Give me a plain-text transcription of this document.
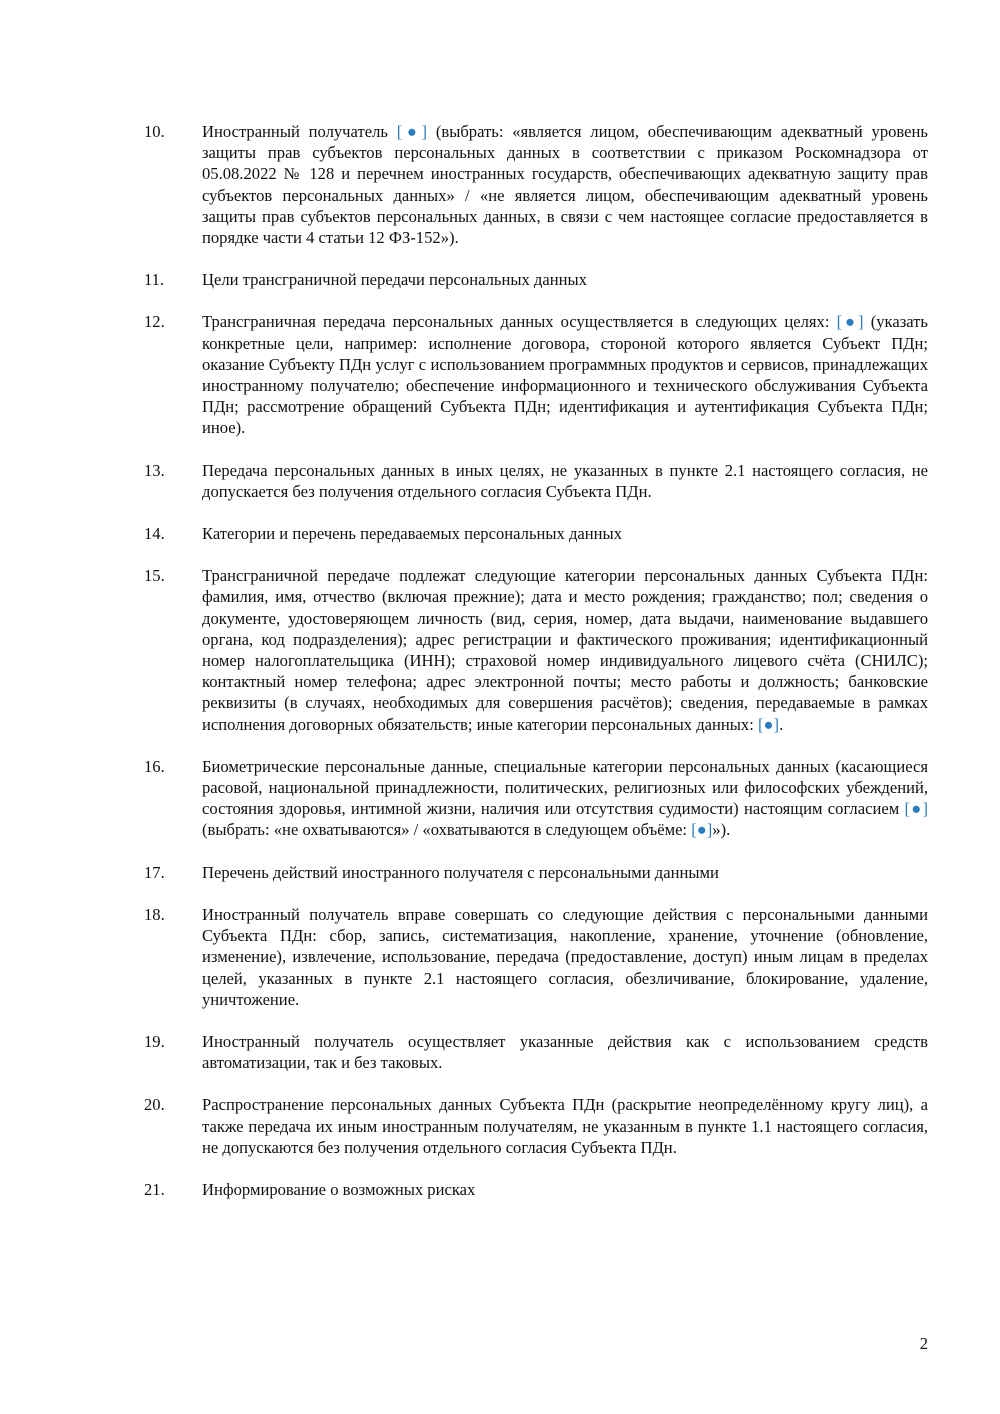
10.	Иностранный получатель [●] (выбрать: «является лицом, обеспечивающим адекватный уровень защиты прав субъектов персональных данных в соответствии с приказом Роскомнадзора от 05.08.2022 № 128 и перечнем иностранных государств, обеспечивающих адекватную защиту прав субъектов персональных данных» / «не является лицом, обеспечивающим адекватный уровень защиты прав субъектов персональных данных, в связи с чем настоящее согласие предоставляется в порядке части 4 статьи 12 ФЗ-152»).
11.	Цели трансграничной передачи персональных данных
12.	Трансграничная передача персональных данных осуществляется в следующих целях: [●] (указать конкретные цели, например: исполнение договора, стороной которого является Субъект ПДн; оказание Субъекту ПДн услуг с использованием программных продуктов и сервисов, принадлежащих иностранному получателю; обеспечение информационного и технического обслуживания Субъекта ПДн; рассмотрение обращений Субъекта ПДн; идентификация и аутентификация Субъекта ПДн; иное).
13.	Передача персональных данных в иных целях, не указанных в пункте 2.1 настоящего согласия, не допускается без получения отдельного согласия Субъекта ПДн.
14.	Категории и перечень передаваемых персональных данных
15.	Трансграничной передаче подлежат следующие категории персональных данных Субъекта ПДн: фамилия, имя, отчество (включая прежние); дата и место рождения; гражданство; пол; сведения о документе, удостоверяющем личность (вид, серия, номер, дата выдачи, наименование выдавшего органа, код подразделения); адрес регистрации и фактического проживания; идентификационный номер налогоплательщика (ИНН); страховой номер индивидуального лицевого счёта (СНИЛС); контактный номер телефона; адрес электронной почты; место работы и должность; банковские реквизиты (в случаях, необходимых для совершения расчётов); сведения, передаваемые в рамках исполнения договорных обязательств; иные категории персональных данных: [●].
16.	Биометрические персональные данные, специальные категории персональных данных (касающиеся расовой, национальной принадлежности, политических, религиозных или философских убеждений, состояния здоровья, интимной жизни, наличия или отсутствия судимости) настоящим согласием [●] (выбрать: «не охватываются» / «охватываются в следующем объёме: [●]»).
17.	Перечень действий иностранного получателя с персональными данными
18.	Иностранный получатель вправе совершать со следующие действия с персональными данными Субъекта ПДн: сбор, запись, систематизация, накопление, хранение, уточнение (обновление, изменение), извлечение, использование, передача (предоставление, доступ) иным лицам в пределах целей, указанных в пункте 2.1 настоящего согласия, обезличивание, блокирование, удаление, уничтожение.
19.	Иностранный получатель осуществляет указанные действия как с использованием средств автоматизации, так и без таковых.
20.	Распространение персональных данных Субъекта ПДн (раскрытие неопределённому кругу лиц), а также передача их иным иностранным получателям, не указанным в пункте 1.1 настоящего согласия, не допускаются без получения отдельного согласия Субъекта ПДн.
21.	Информирование о возможных рисках
2
